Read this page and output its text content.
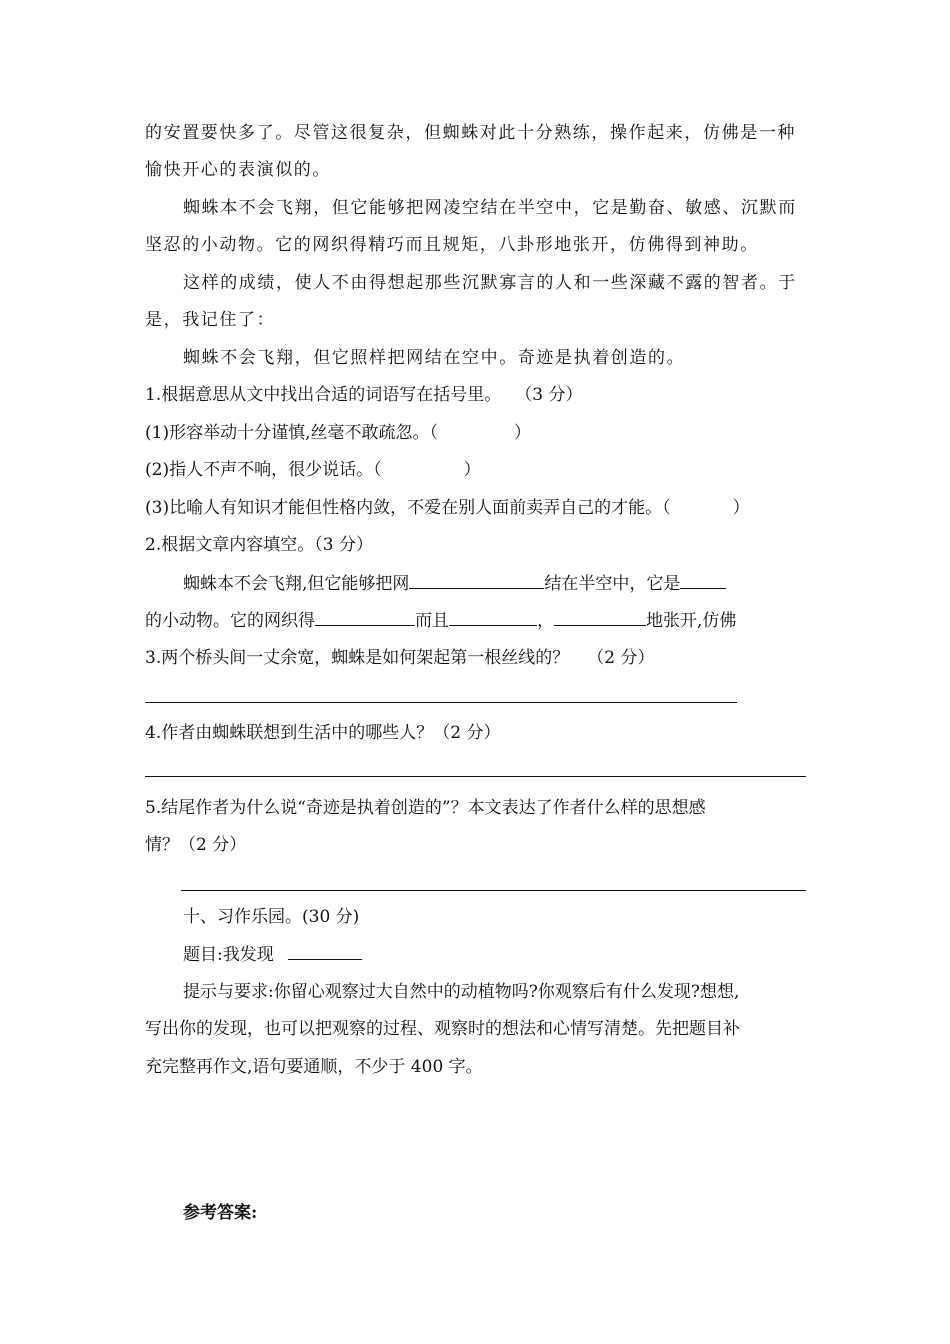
的安置要快多了。尽管这很复杂，但蜘蛛对此十分熟练，操作起来，仿佛是一种
愉快开心的表演似的。
蜘蛛本不会飞翔，但它能够把网凌空结在半空中，它是勤奋、敏感、沉默而
坚忍的小动物。它的网织得精巧而且规矩，八卦形地张开，仿佛得到神助。
这样的成绩，使人不由得想起那些沉默寡言的人和一些深藏不露的智者。于
是，我记住了：
蜘蛛不会飞翔，但它照样把网结在空中。奇迹是执着创造的。
1.根据意思从文中找出合适的词语写在括号里。 （3 分）
(1)形容举动十分谨慎,丝毫不敢疏忽。（	）
(2)指人不声不响，很少说话。（	）
(3)比喻人有知识才能但性格内敛，不爱在别人面前卖弄自己的才能。（	）
2.根据文章内容填空。（3 分）
蜘蛛本不会飞翔,但它能够把网	结在半空中，它是
的小动物。它的网织得	而且	，	地张开,仿佛
3.两个桥头间一丈余宽，蜘蛛是如何架起第一根丝线的？ （2 分）
4.作者由蜘蛛联想到生活中的哪些人？（2 分）
5.结尾作者为什么说“奇迹是执着创造的”？本文表达了作者什么样的思想感
情？（2 分）
十、习作乐园。(30 分)
题目:我发现
提示与要求:你留心观察过大自然中的动植物吗?你观察后有什么发现?想想,
写出你的发现，也可以把观察的过程、观察时的想法和心情写清楚。先把题目补
充完整再作文,语句要通顺，不少于 400 字。
参考答案:
